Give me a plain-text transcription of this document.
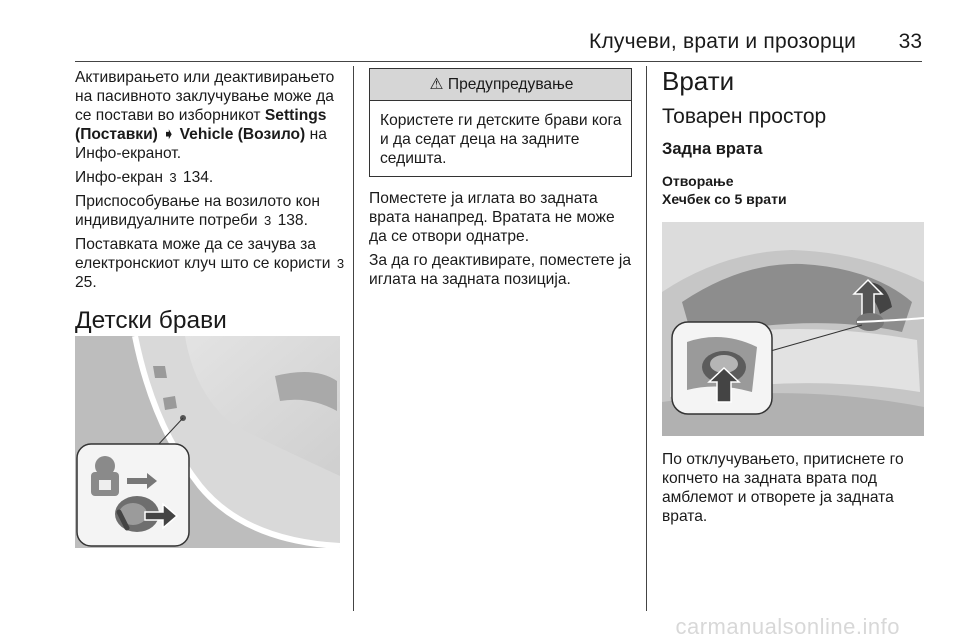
Клучеви, врати и прозорци 33

Активирањето или деактивирањето на пасивното заклучување може да се постави во изборникот Settings (Поставки) ➧ Vehicle (Возило) на Инфо-екранот.

Инфо-екран 3 134.

Приспособување на возилото кон индивидуалните потреби 3 138.

Поставката може да се зачува за електронскиот клуч што се користи 3 25.

Детски брави
⚠ Предупредување
Користете ги детските брави кога и да седат деца на задните седишта.

Поместете ја иглата во задната врата нанапред. Вратата не може да се отвори однатре.

За да го деактивирате, поместете ја иглата на задната позиција.

Врати
Товарен простор
Задна врата
Отворање
Хечбек со 5 врати

По отклучувањето, притиснете го копчето на задната врата под амблемот и отворете ја задната врата.

carmanualsonline.info
